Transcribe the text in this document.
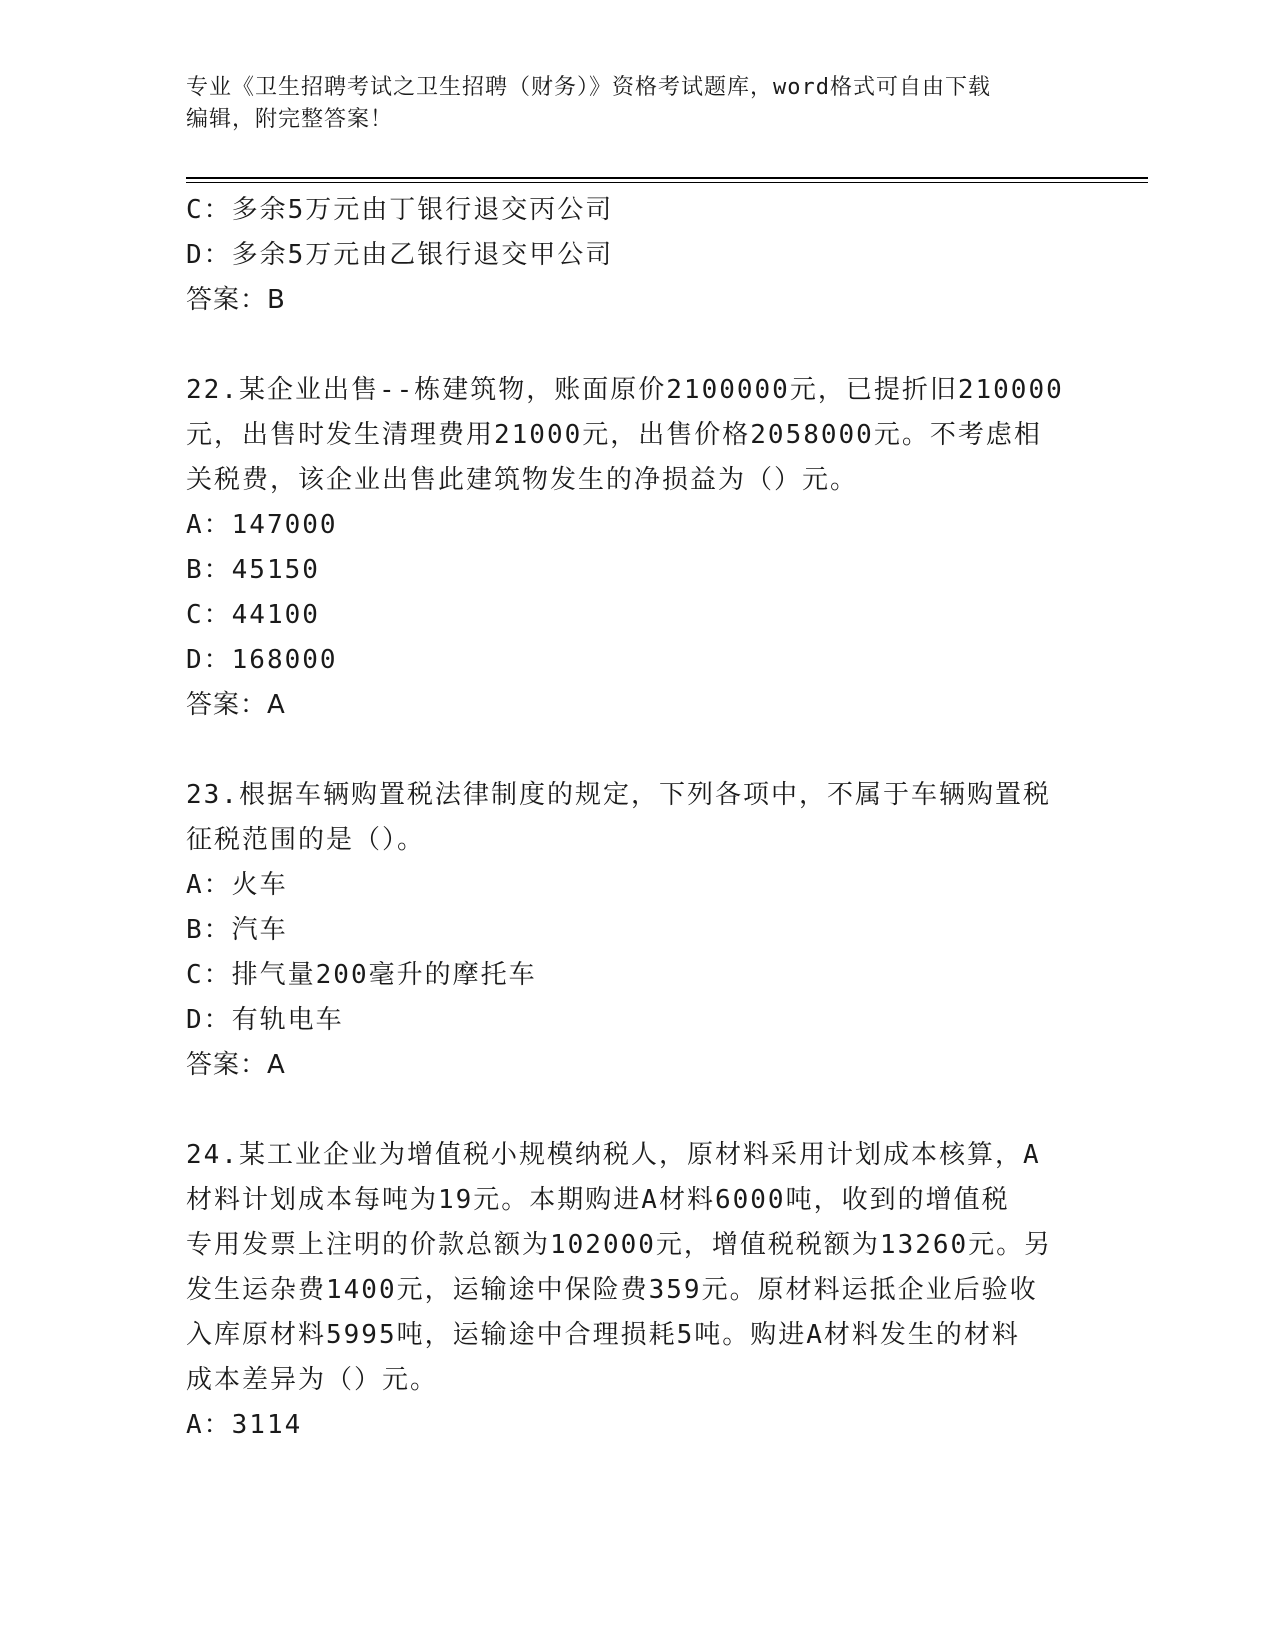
专业《卫生招聘考试之卫生招聘（财务）》资格考试题库，word格式可自由下载
编辑，附完整答案！
C：多余5万元由丁银行退交丙公司
D：多余5万元由乙银行退交甲公司
答案：B
22.某企业出售--栋建筑物，账面原价2100000元，已提折旧210000
元，出售时发生清理费用21000元，出售价格2058000元。不考虑相
关税费，该企业出售此建筑物发生的净损益为（）元。
A：147000
B：45150
C：44100
D：168000
答案：A
23.根据车辆购置税法律制度的规定，下列各项中，不属于车辆购置税
征税范围的是（）。
A：火车
B：汽车
C：排气量200毫升的摩托车
D：有轨电车
答案：A
24.某工业企业为增值税小规模纳税人，原材料采用计划成本核算，A
材料计划成本每吨为19元。本期购进A材料6000吨，收到的增值税
专用发票上注明的价款总额为102000元，增值税税额为13260元。另
发生运杂费1400元，运输途中保险费359元。原材料运抵企业后验收
入库原材料5995吨，运输途中合理损耗5吨。购进A材料发生的材料
成本差异为（）元。
A：3114
